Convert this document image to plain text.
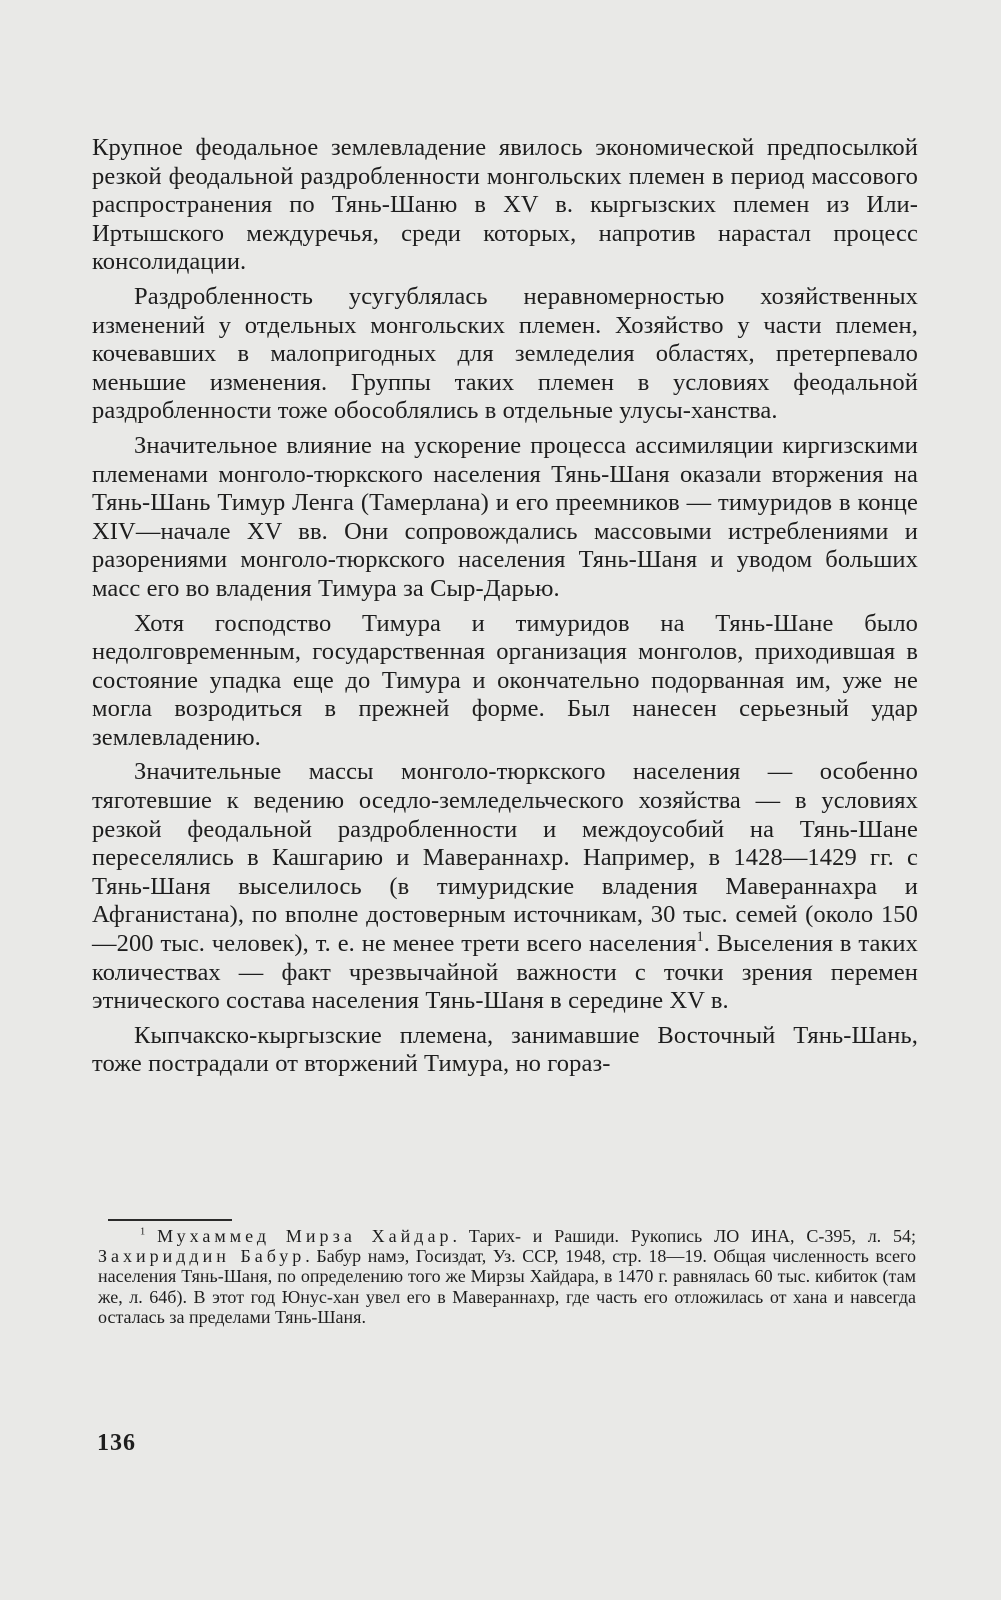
Крупное феодальное землевладение явилось экономической предпосылкой резкой феодальной раздробленности монгольских племен в период массового распространения по Тянь-Шаню в XV в. кыргызских племен из Или-Иртышского междуречья, среди которых, напротив нарастал процесс консолидации.

Раздробленность усугублялась неравномерностью хозяйственных изменений у отдельных монгольских племен. Хозяйство у части племен, кочевавших в малопригодных для земледелия областях, претерпевало меньшие изменения. Группы таких племен в условиях феодальной раздробленности тоже обособлялись в отдельные улусы-ханства.

Значительное влияние на ускорение процесса ассимиляции киргизскими племенами монголо-тюркского населения Тянь-Шаня оказали вторжения на Тянь-Шань Тимур Ленга (Тамерлана) и его преемников — тимуридов в конце XIV—начале XV вв. Они сопровождались массовыми истреблениями и разорениями монголо-тюркского населения Тянь-Шаня и уводом больших масс его во владения Тимура за Сыр-Дарью.

Хотя господство Тимура и тимуридов на Тянь-Шане было недолговременным, государственная организация монголов, приходившая в состояние упадка еще до Тимура и окончательно подорванная им, уже не могла возродиться в прежней форме. Был нанесен серьезный удар землевладению.

Значительные массы монголо-тюркского населения — особенно тяготевшие к ведению оседло-земледельческого хозяйства — в условиях резкой феодальной раздробленности и междоусобий на Тянь-Шане переселялись в Кашгарию и Мавераннахр. Например, в 1428—1429 гг. с Тянь-Шаня выселилось (в тимуридские владения Мавераннахра и Афганистана), по вполне достоверным источникам, 30 тыс. семей (около 150—200 тыс. человек), т. е. не менее трети всего населения$^1$. Выселения в таких количествах — факт чрезвычайной важности с точки зрения перемен этнического состава населения Тянь-Шаня в середине XV в.

Кыпчакско-кыргызские племена, занимавшие Восточный Тянь-Шань, тоже пострадали от вторжений Тимура, но гораз-

$^1$ Мухаммед Мирза Хайдар. Тарих- и Рашиди. Рукопись ЛО ИНА, С-395, л. 54; Захириддин Бабур. Бабур намэ, Госиздат, Уз. ССР, 1948, стр. 18—19. Общая численность всего населения Тянь-Шаня, по определению того же Мирзы Хайдара, в 1470 г. равнялась 60 тыс. кибиток (там же, л. 64б). В этот год Юнус-хан увел его в Мавераннахр, где часть его отложилась от хана и навсегда осталась за пределами Тянь-Шаня.

136
